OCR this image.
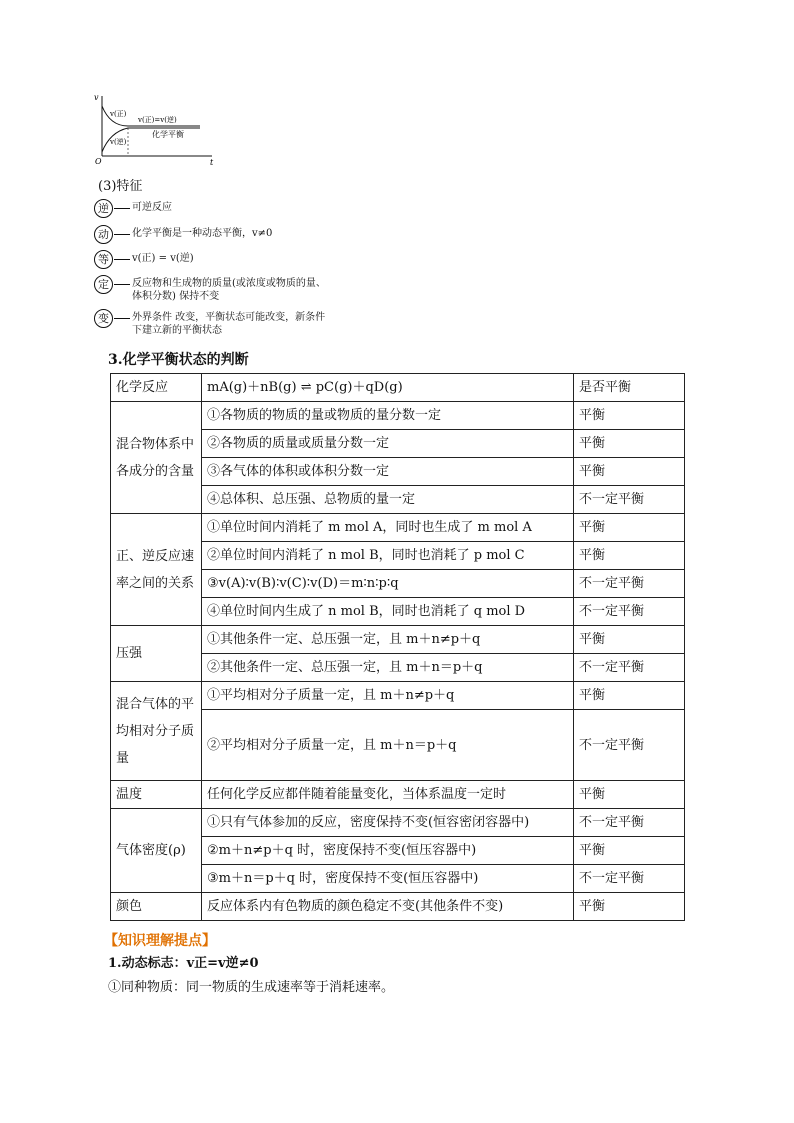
v
t
O
v(正)
v(逆)
v(正)=v(逆)
化学平衡
(3)特征
逆	可逆反应
动	化学平衡是一种动态平衡，v≠0
等	v(正) = v(逆)
定	反应物和生成物的质量(或浓度或物质的量、
体积分数) 保持不变
变	外界条件 改变，平衡状态可能改变，新条件
下建立新的平衡状态
3.化学平衡状态的判断
化学反应	mA(g)＋nB(g) ⇌ pC(g)＋qD(g)	是否平衡
混合物体系中各成分的含量	①各物质的物质的量或物质的量分数一定	平衡
	②各物质的质量或质量分数一定	平衡
	③各气体的体积或体积分数一定	平衡
	④总体积、总压强、总物质的量一定	不一定平衡
正、逆反应速率之间的关系	①单位时间内消耗了 m mol A，同时也生成了 m mol A	平衡
	②单位时间内消耗了 n mol B，同时也消耗了 p mol C	平衡
	③v(A)∶v(B)∶v(C)∶v(D)＝m∶n∶p∶q	不一定平衡
	④单位时间内生成了 n mol B，同时也消耗了 q mol D	不一定平衡
压强	①其他条件一定、总压强一定，且 m＋n≠p＋q	平衡
	②其他条件一定、总压强一定，且 m＋n＝p＋q	不一定平衡
混合气体的平均相对分子质量	①平均相对分子质量一定，且 m＋n≠p＋q	平衡
	②平均相对分子质量一定，且 m＋n＝p＋q	不一定平衡
温度	任何化学反应都伴随着能量变化，当体系温度一定时	平衡
气体密度(ρ)	①只有气体参加的反应，密度保持不变(恒容密闭容器中)	不一定平衡
	②m＋n≠p＋q 时，密度保持不变(恒压容器中)	平衡
	③m＋n＝p＋q 时，密度保持不变(恒压容器中)	不一定平衡
颜色	反应体系内有色物质的颜色稳定不变(其他条件不变)	平衡
【知识理解提点】
1.动态标志：v正=v逆≠0
①同种物质：同一物质的生成速率等于消耗速率。
